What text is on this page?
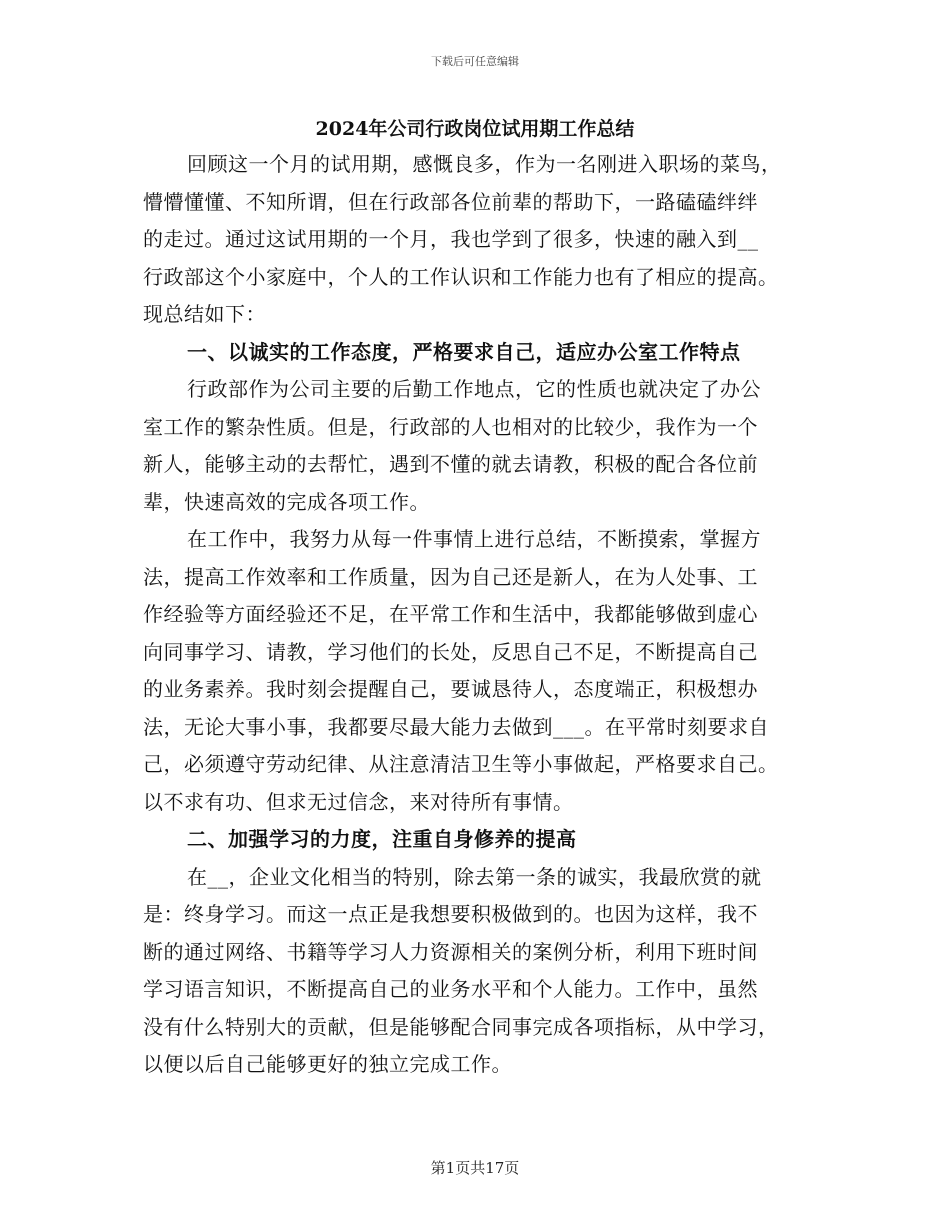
下载后可任意编辑
2024年公司行政岗位试用期工作总结
回顾这一个月的试用期，感慨良多，作为一名刚进入职场的菜鸟，
懵懵懂懂、不知所谓，但在行政部各位前辈的帮助下，一路磕磕绊绊
的走过。通过这试用期的一个月，我也学到了很多，快速的融入到__
行政部这个小家庭中，个人的工作认识和工作能力也有了相应的提高。
现总结如下：
一、以诚实的工作态度，严格要求自己，适应办公室工作特点
行政部作为公司主要的后勤工作地点，它的性质也就决定了办公
室工作的繁杂性质。但是，行政部的人也相对的比较少，我作为一个
新人，能够主动的去帮忙，遇到不懂的就去请教，积极的配合各位前
辈，快速高效的完成各项工作。
在工作中，我努力从每一件事情上进行总结，不断摸索，掌握方
法，提高工作效率和工作质量，因为自己还是新人，在为人处事、工
作经验等方面经验还不足，在平常工作和生活中，我都能够做到虚心
向同事学习、请教，学习他们的长处，反思自己不足，不断提高自己
的业务素养。我时刻会提醒自己，要诚恳待人，态度端正，积极想办
法，无论大事小事，我都要尽最大能力去做到___。在平常时刻要求自
己，必须遵守劳动纪律、从注意清洁卫生等小事做起，严格要求自己。
以不求有功、但求无过信念，来对待所有事情。
二、加强学习的力度，注重自身修养的提高
在__，企业文化相当的特别，除去第一条的诚实，我最欣赏的就
是：终身学习。而这一点正是我想要积极做到的。也因为这样，我不
断的通过网络、书籍等学习人力资源相关的案例分析，利用下班时间
学习语言知识，不断提高自己的业务水平和个人能力。工作中，虽然
没有什么特别大的贡献，但是能够配合同事完成各项指标，从中学习，
以便以后自己能够更好的独立完成工作。
第1页共17页
